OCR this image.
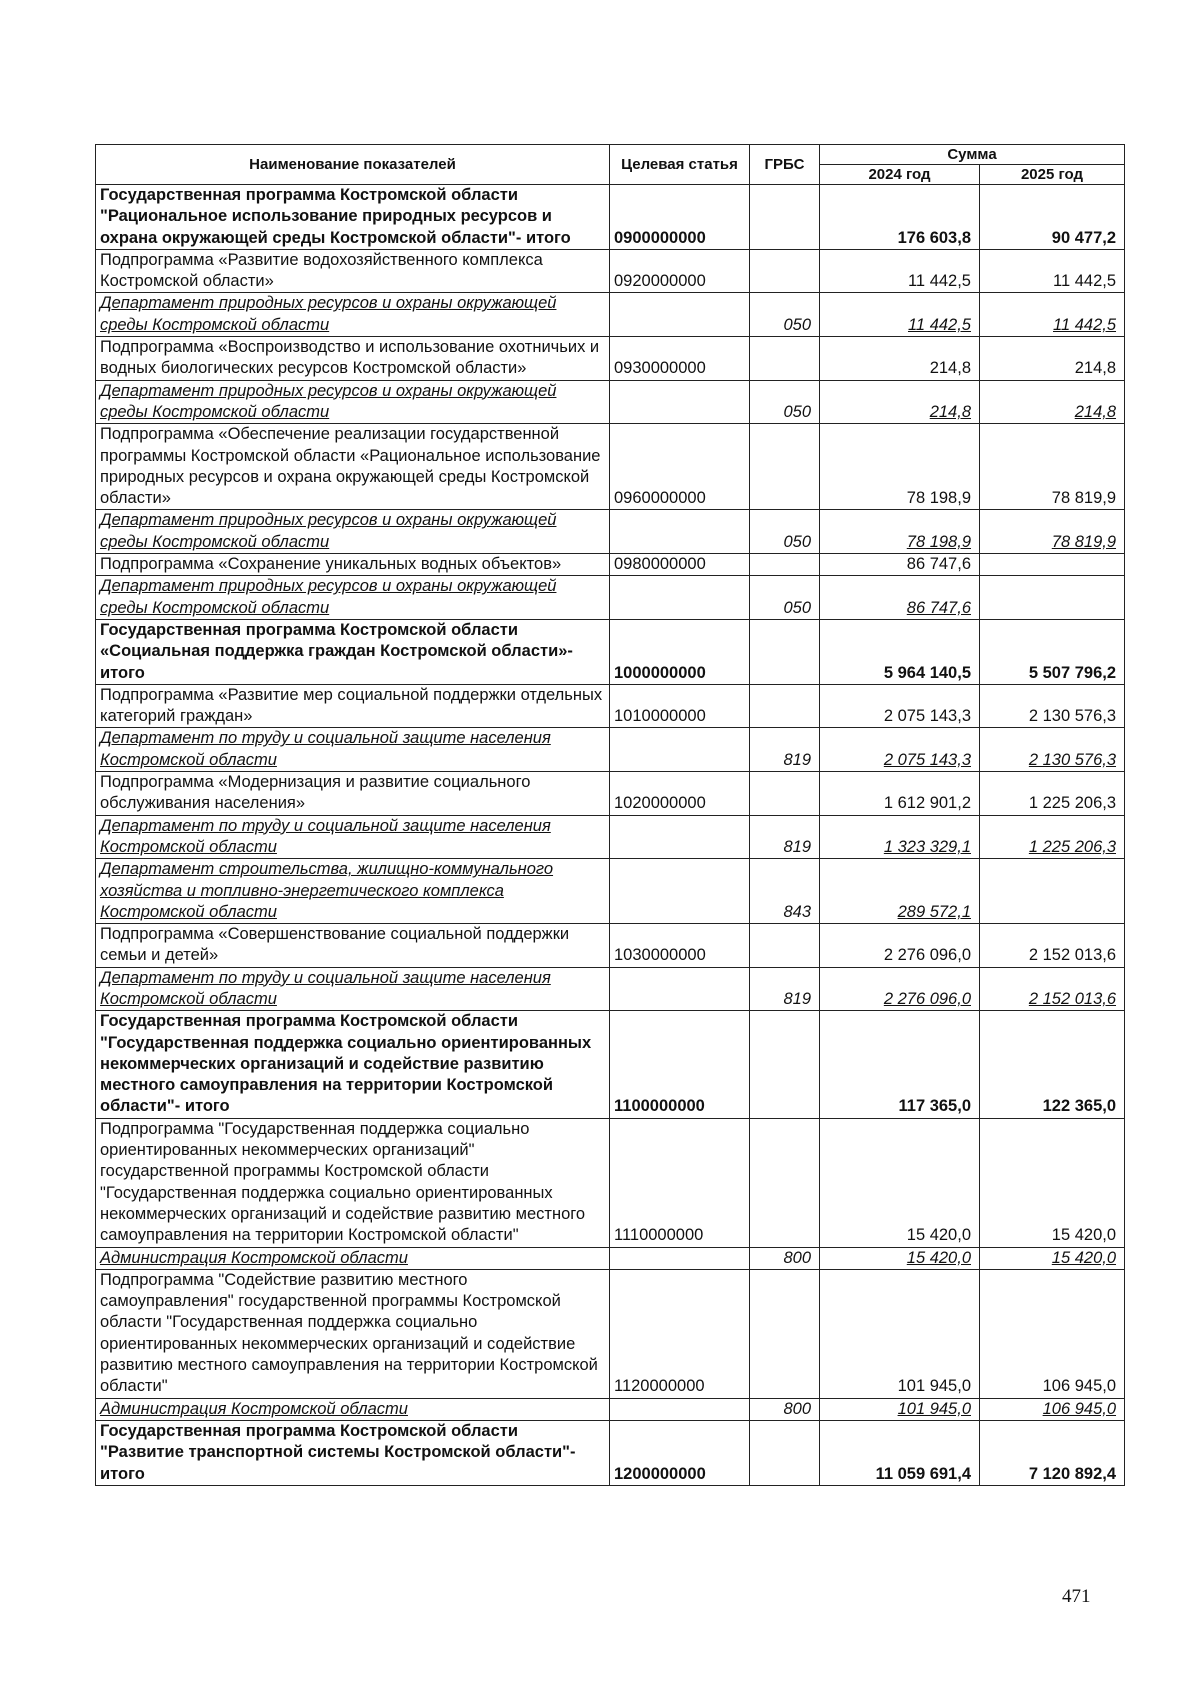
Наименование показателей	Целевая статья	ГРБС	Сумма	
			2024 год	2025 год
Государственная программа Костромской области "Рациональное использование природных ресурсов и охрана окружающей среды Костромской области"- итого	0900000000		176 603,8	90 477,2
Подпрограмма «Развитие водохозяйственного комплекса Костромской области»	0920000000		11 442,5	11 442,5
Департамент природных ресурсов и охраны окружающей среды Костромской области		050	11 442,5	11 442,5
Подпрограмма «Воспроизводство и использование охотничьих и водных биологических ресурсов Костромской области»	0930000000		214,8	214,8
Департамент природных ресурсов и охраны окружающей среды Костромской области		050	214,8	214,8
Подпрограмма «Обеспечение реализации государственной программы Костромской области «Рациональное использование природных ресурсов и охрана окружающей среды Костромской области»	0960000000		78 198,9	78 819,9
Департамент природных ресурсов и охраны окружающей среды Костромской области		050	78 198,9	78 819,9
Подпрограмма «Сохранение уникальных водных объектов»	0980000000		86 747,6	
Департамент природных ресурсов и охраны окружающей среды Костромской области		050	86 747,6	
Государственная программа Костромской области «Социальная поддержка граждан Костромской области»- итого	1000000000		5 964 140,5	5 507 796,2
Подпрограмма «Развитие мер социальной поддержки отдельных категорий граждан»	1010000000		2 075 143,3	2 130 576,3
Департамент по труду и социальной защите населения Костромской области		819	2 075 143,3	2 130 576,3
Подпрограмма «Модернизация и развитие социального обслуживания населения»	1020000000		1 612 901,2	1 225 206,3
Департамент по труду и социальной защите населения Костромской области		819	1 323 329,1	1 225 206,3
Департамент строительства, жилищно-коммунального хозяйства и топливно-энергетического комплекса Костромской области		843	289 572,1	
Подпрограмма «Совершенствование социальной поддержки семьи и детей»	1030000000		2 276 096,0	2 152 013,6
Департамент по труду и социальной защите населения Костромской области		819	2 276 096,0	2 152 013,6
Государственная программа Костромской области "Государственная поддержка социально ориентированных некоммерческих организаций и содействие развитию местного самоуправления на территории Костромской области"- итого	1100000000		117 365,0	122 365,0
Подпрограмма "Государственная поддержка социально ориентированных некоммерческих организаций" государственной программы Костромской области "Государственная поддержка социально ориентированных некоммерческих организаций и содействие развитию местного самоуправления на территории Костромской области"	1110000000		15 420,0	15 420,0
Администрация Костромской области		800	15 420,0	15 420,0
Подпрограмма "Содействие развитию местного самоуправления" государственной программы Костромской области "Государственная поддержка социально ориентированных некоммерческих организаций и содействие развитию местного самоуправления на территории Костромской области"	1120000000		101 945,0	106 945,0
Администрация Костромской области		800	101 945,0	106 945,0
Государственная программа Костромской области "Развитие транспортной системы Костромской области"- итого	1200000000		11 059 691,4	7 120 892,4
471
